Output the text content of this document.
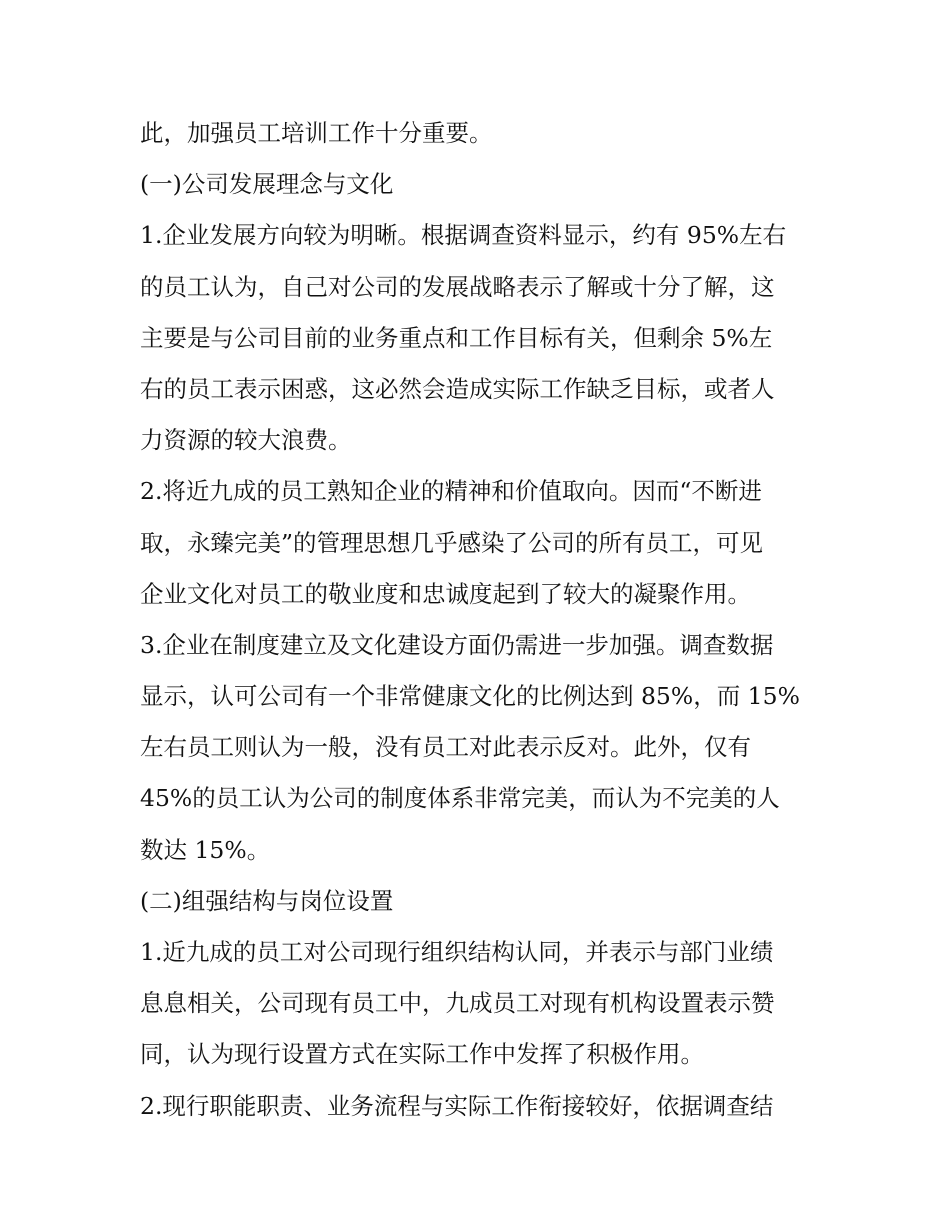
此，加强员工培训工作十分重要。
(一)公司发展理念与文化
1.企业发展方向较为明晰。根据调查资料显示，约有 95%左右
的员工认为，自己对公司的发展战略表示了解或十分了解，这
主要是与公司目前的业务重点和工作目标有关，但剩余 5%左
右的员工表示困惑，这必然会造成实际工作缺乏目标，或者人
力资源的较大浪费。
2.将近九成的员工熟知企业的精神和价值取向。因而“不断进
取，永臻完美”的管理思想几乎感染了公司的所有员工，可见
企业文化对员工的敬业度和忠诚度起到了较大的凝聚作用。
3.企业在制度建立及文化建设方面仍需进一步加强。调查数据
显示，认可公司有一个非常健康文化的比例达到 85%，而 15%
左右员工则认为一般，没有员工对此表示反对。此外，仅有
45%的员工认为公司的制度体系非常完美，而认为不完美的人
数达 15%。
(二)组强结构与岗位设置
1.近九成的员工对公司现行组织结构认同，并表示与部门业绩
息息相关，公司现有员工中，九成员工对现有机构设置表示赞
同，认为现行设置方式在实际工作中发挥了积极作用。
2.现行职能职责、业务流程与实际工作衔接较好，依据调查结
